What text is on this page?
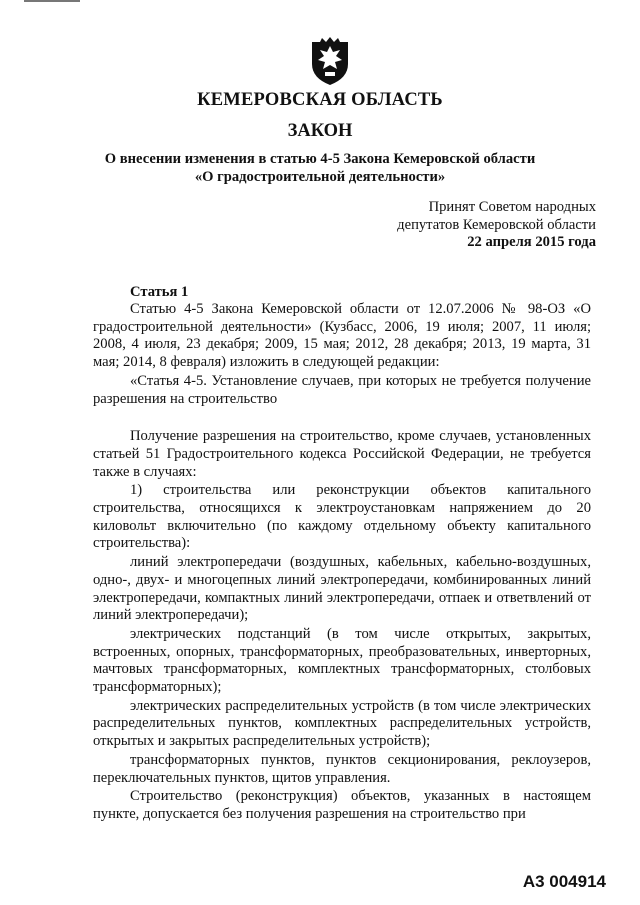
КЕМЕРОВСКАЯ ОБЛАСТЬ
ЗАКОН
О внесении изменения в статью 4-5 Закона Кемеровской области
«О градостроительной деятельности»
Принят Советом народных
депутатов Кемеровской области
22 апреля 2015 года
Статья 1

Статью 4-5 Закона Кемеровской области от 12.07.2006 № 98-ОЗ «О градостроительной деятельности» (Кузбасс, 2006, 19 июля; 2007, 11 июля; 2008, 4 июля, 23 декабря; 2009, 15 мая; 2012, 28 декабря; 2013, 19 марта, 31 мая; 2014, 8 февраля) изложить в следующей редакции:

«Статья 4-5. Установление случаев, при которых не требуется получение разрешения на строительство

Получение разрешения на строительство, кроме случаев, установленных статьей 51 Градостроительного кодекса Российской Федерации, не требуется также в случаях:

1) строительства или реконструкции объектов капитального строительства, относящихся к электроустановкам напряжением до 20 киловольт включительно (по каждому отдельному объекту капитального строительства):

линий электропередачи (воздушных, кабельных, кабельно-воздушных, одно-, двух- и многоцепных линий электропередачи, комбинированных линий электропередачи, компактных линий электропередачи, отпаек и ответвлений от линий электропередачи);

электрических подстанций (в том числе открытых, закрытых, встроенных, опорных, трансформаторных, преобразовательных, инверторных, мачтовых трансформаторных, комплектных трансформаторных, столбовых трансформаторных);

электрических распределительных устройств (в том числе электрических распределительных пунктов, комплектных распределительных устройств, открытых и закрытых распределительных устройств);

трансформаторных пунктов, пунктов секционирования, реклоузеров, переключательных пунктов, щитов управления.

Строительство (реконструкция) объектов, указанных в настоящем пункте, допускается без получения разрешения на строительство при

А3 004914
